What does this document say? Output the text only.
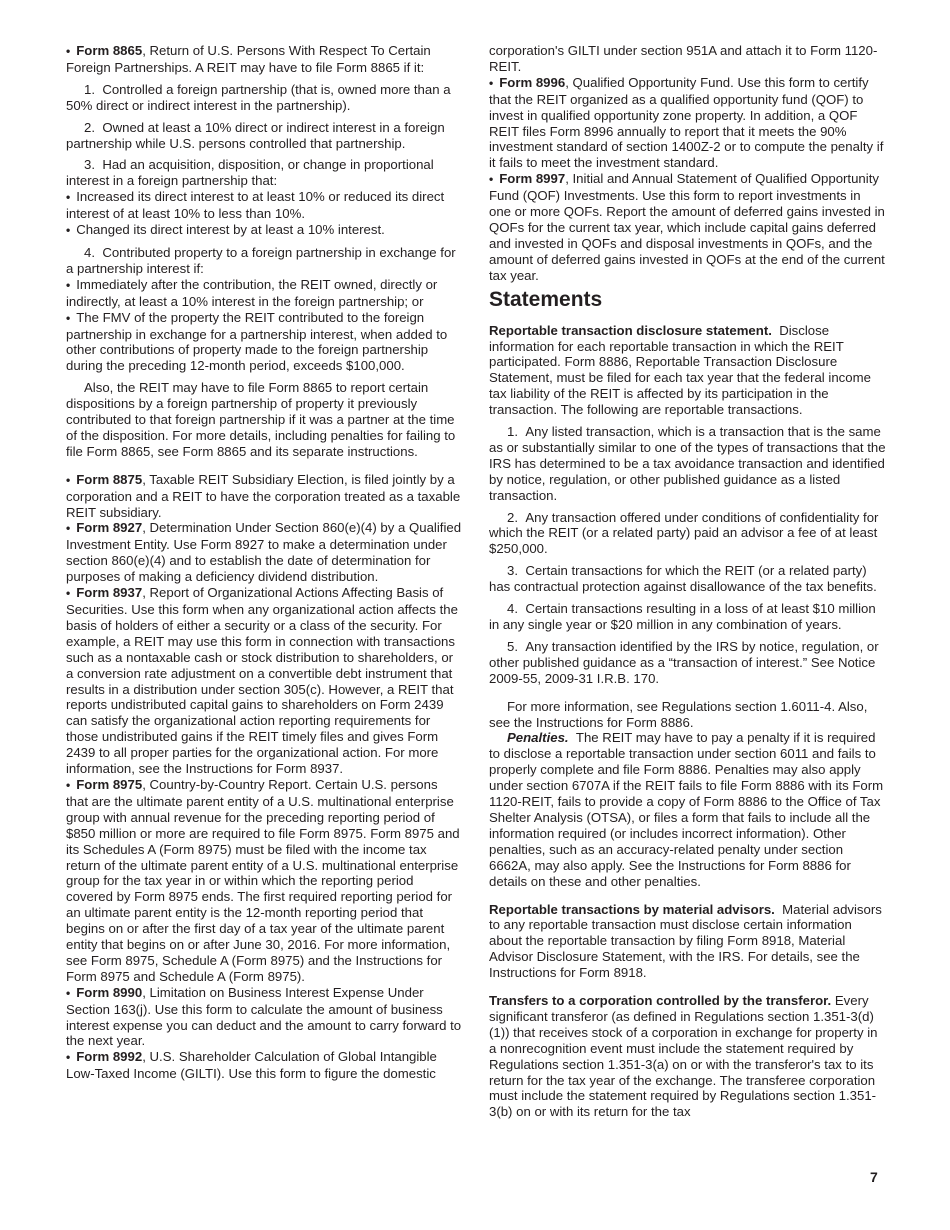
• Form 8865, Return of U.S. Persons With Respect To Certain Foreign Partnerships. A REIT may have to file Form 8865 if it:

1.  Controlled a foreign partnership (that is, owned more than a 50% direct or indirect interest in the partnership).

2.  Owned at least a 10% direct or indirect interest in a foreign partnership while U.S. persons controlled that partnership.

3.  Had an acquisition, disposition, or change in proportional interest in a foreign partnership that:

• Increased its direct interest to at least 10% or reduced its direct interest of at least 10% to less than 10%.

• Changed its direct interest by at least a 10% interest.

4.  Contributed property to a foreign partnership in exchange for a partnership interest if:

• Immediately after the contribution, the REIT owned, directly or indirectly, at least a 10% interest in the foreign partnership; or

• The FMV of the property the REIT contributed to the foreign partnership in exchange for a partnership interest, when added to other contributions of property made to the foreign partnership during the preceding 12-month period, exceeds $100,000.

Also, the REIT may have to file Form 8865 to report certain dispositions by a foreign partnership of property it previously contributed to that foreign partnership if it was a partner at the time of the disposition. For more details, including penalties for failing to file Form 8865, see Form 8865 and its separate instructions.

• Form 8875, Taxable REIT Subsidiary Election, is filed jointly by a corporation and a REIT to have the corporation treated as a taxable REIT subsidiary.

• Form 8927, Determination Under Section 860(e)(4) by a Qualified Investment Entity. Use Form 8927 to make a determination under section 860(e)(4) and to establish the date of determination for purposes of making a deficiency dividend distribution.

• Form 8937, Report of Organizational Actions Affecting Basis of Securities. Use this form when any organizational action affects the basis of holders of either a security or a class of the security. For example, a REIT may use this form in connection with transactions such as a nontaxable cash or stock distribution to shareholders, or a conversion rate adjustment on a convertible debt instrument that results in a distribution under section 305(c). However, a REIT that reports undistributed capital gains to shareholders on Form 2439 can satisfy the organizational action reporting requirements for those undistributed gains if the REIT timely files and gives Form 2439 to all proper parties for the organizational action. For more information, see the Instructions for Form 8937.

• Form 8975, Country-by-Country Report. Certain U.S. persons that are the ultimate parent entity of a U.S. multinational enterprise group with annual revenue for the preceding reporting period of $850 million or more are required to file Form 8975. Form 8975 and its Schedules A (Form 8975) must be filed with the income tax return of the ultimate parent entity of a U.S. multinational enterprise group for the tax year in or within which the reporting period covered by Form 8975 ends. The first required reporting period for an ultimate parent entity is the 12-month reporting period that begins on or after the first day of a tax year of the ultimate parent entity that begins on or after June 30, 2016. For more information, see Form 8975, Schedule A (Form 8975) and the Instructions for Form 8975 and Schedule A (Form 8975).

• Form 8990, Limitation on Business Interest Expense Under Section 163(j). Use this form to calculate the amount of business interest expense you can deduct and the amount to carry forward to the next year.

• Form 8992, U.S. Shareholder Calculation of Global Intangible Low-Taxed Income (GILTI). Use this form to figure the domestic

corporation's GILTI under section 951A and attach it to Form 1120-REIT.

• Form 8996, Qualified Opportunity Fund. Use this form to certify that the REIT organized as a qualified opportunity fund (QOF) to invest in qualified opportunity zone property. In addition, a QOF REIT files Form 8996 annually to report that it meets the 90% investment standard of section 1400Z-2 or to compute the penalty if it fails to meet the investment standard.

• Form 8997, Initial and Annual Statement of Qualified Opportunity Fund (QOF) Investments. Use this form to report investments in one or more QOFs. Report the amount of deferred gains invested in QOFs for the current tax year, which include capital gains deferred and invested in QOFs and disposal investments in QOFs, and the amount of deferred gains invested in QOFs at the end of the current tax year.

Statements

Reportable transaction disclosure statement.  Disclose information for each reportable transaction in which the REIT participated. Form 8886, Reportable Transaction Disclosure Statement, must be filed for each tax year that the federal income tax liability of the REIT is affected by its participation in the transaction. The following are reportable transactions.

1.  Any listed transaction, which is a transaction that is the same as or substantially similar to one of the types of transactions that the IRS has determined to be a tax avoidance transaction and identified by notice, regulation, or other published guidance as a listed transaction.

2.  Any transaction offered under conditions of confidentiality for which the REIT (or a related party) paid an advisor a fee of at least $250,000.

3.  Certain transactions for which the REIT (or a related party) has contractual protection against disallowance of the tax benefits.

4.  Certain transactions resulting in a loss of at least $10 million in any single year or $20 million in any combination of years.

5.  Any transaction identified by the IRS by notice, regulation, or other published guidance as a “transaction of interest.” See Notice 2009-55, 2009-31 I.R.B. 170.

For more information, see Regulations section 1.6011-4. Also, see the Instructions for Form 8886.

Penalties.  The REIT may have to pay a penalty if it is required to disclose a reportable transaction under section 6011 and fails to properly complete and file Form 8886. Penalties may also apply under section 6707A if the REIT fails to file Form 8886 with its Form 1120-REIT, fails to provide a copy of Form 8886 to the Office of Tax Shelter Analysis (OTSA), or files a form that fails to include all the information required (or includes incorrect information). Other penalties, such as an accuracy-related penalty under section 6662A, may also apply. See the Instructions for Form 8886 for details on these and other penalties.

Reportable transactions by material advisors.  Material advisors to any reportable transaction must disclose certain information about the reportable transaction by filing Form 8918, Material Advisor Disclosure Statement, with the IRS. For details, see the Instructions for Form 8918.

Transfers to a corporation controlled by the transferor. Every significant transferor (as defined in Regulations section 1.351-3(d)(1)) that receives stock of a corporation in exchange for property in a nonrecognition event must include the statement required by Regulations section 1.351-3(a) on or with the transferor's tax to its return for the tax year of the exchange. The transferee corporation must include the statement required by Regulations section 1.351-3(b) on or with its return for the tax

7
